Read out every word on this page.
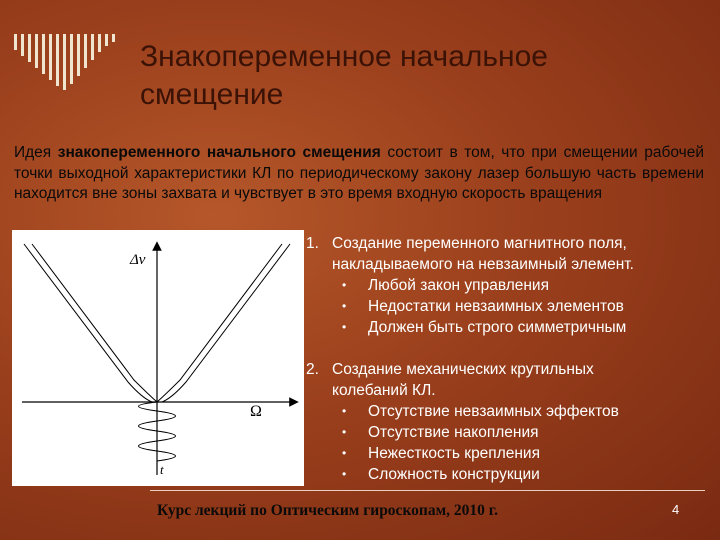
Знакопеременное начальное
смещение
Идея знакопеременного начального смещения состоит в том, что при смещении рабочей точки выходной характеристики КЛ по периодическому закону лазер большую часть времени находится вне зоны захвата и чувствует в это время входную скорость вращения
Δν
Ω
t
1. Создание переменного магнитного поля,
накладываемого на невзаимный элемент.
•	Любой закон управления
•	Недостатки невзаимных элементов
•	Должен быть строго симметричным
2. Создание механических крутильных
колебаний КЛ.
•	Отсутствие невзаимных эффектов
•	Отсутствие накопления
•	Нежесткость крепления
•	Сложность конструкции
Курс лекций по Оптическим гироскопам, 2010 г.	4
